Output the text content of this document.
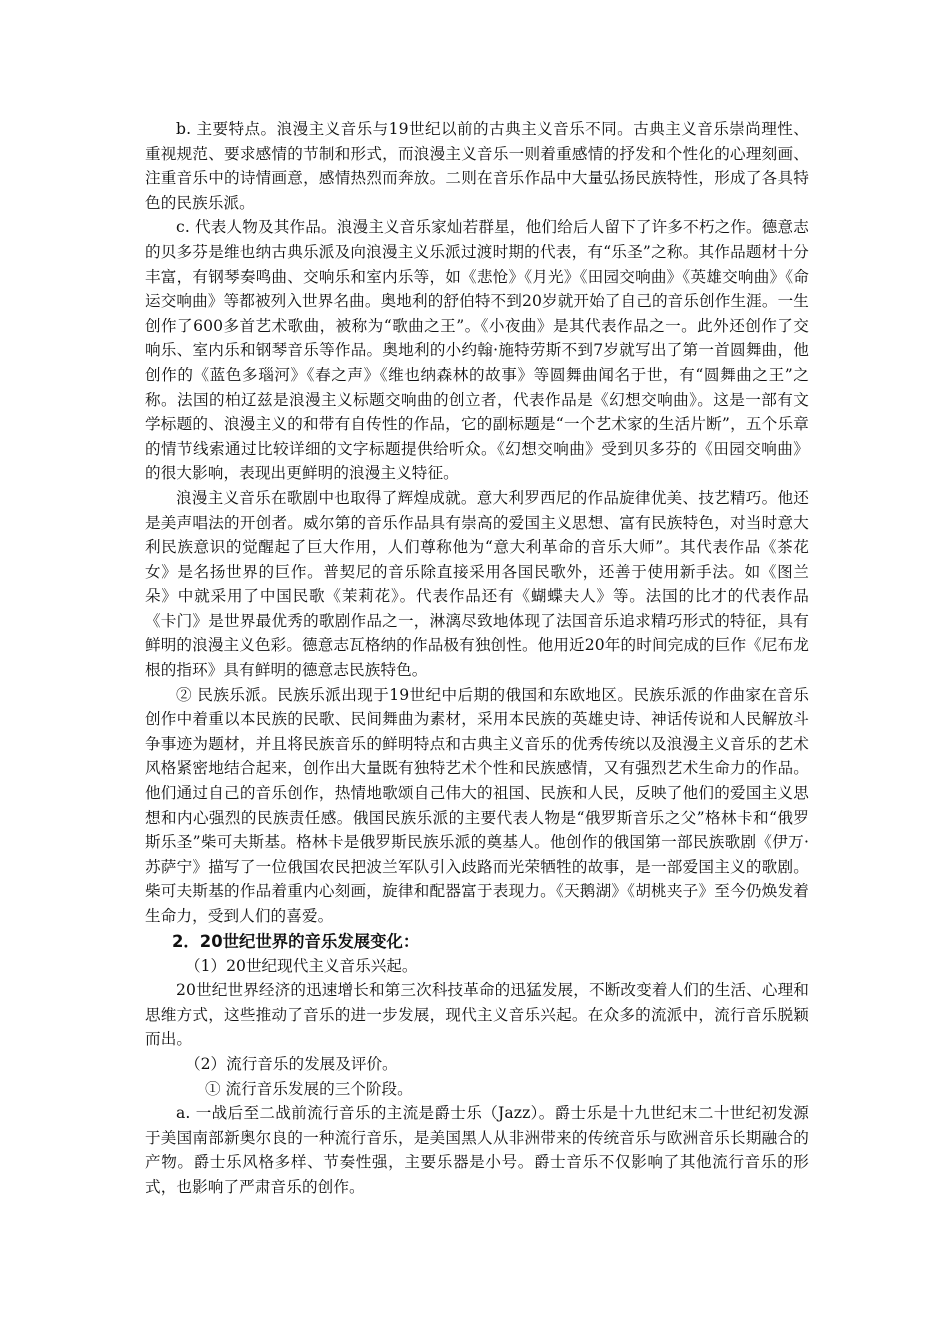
b. 主要特点。浪漫主义音乐与19世纪以前的古典主义音乐不同。古典主义音乐崇尚理性、重视规范、要求感情的节制和形式，而浪漫主义音乐一则着重感情的抒发和个性化的心理刻画、注重音乐中的诗情画意，感情热烈而奔放。二则在音乐作品中大量弘扬民族特性，形成了各具特色的民族乐派。

c. 代表人物及其作品。浪漫主义音乐家灿若群星，他们给后人留下了许多不朽之作。德意志的贝多芬是维也纳古典乐派及向浪漫主义乐派过渡时期的代表，有“乐圣”之称。其作品题材十分丰富，有钢琴奏鸣曲、交响乐和室内乐等，如《悲怆》《月光》《田园交响曲》《英雄交响曲》《命运交响曲》等都被列入世界名曲。奥地利的舒伯特不到20岁就开始了自己的音乐创作生涯。一生创作了600多首艺术歌曲，被称为“歌曲之王”。《小夜曲》是其代表作品之一。此外还创作了交响乐、室内乐和钢琴音乐等作品。奥地利的小约翰·施特劳斯不到7岁就写出了第一首圆舞曲，他创作的《蓝色多瑙河》《春之声》《维也纳森林的故事》等圆舞曲闻名于世，有“圆舞曲之王”之称。法国的柏辽兹是浪漫主义标题交响曲的创立者，代表作品是《幻想交响曲》。这是一部有文学标题的、浪漫主义的和带有自传性的作品，它的副标题是“一个艺术家的生活片断”，五个乐章的情节线索通过比较详细的文字标题提供给听众。《幻想交响曲》受到贝多芬的《田园交响曲》的很大影响，表现出更鲜明的浪漫主义特征。

浪漫主义音乐在歌剧中也取得了辉煌成就。意大利罗西尼的作品旋律优美、技艺精巧。他还是美声唱法的开创者。威尔第的音乐作品具有崇高的爱国主义思想、富有民族特色，对当时意大利民族意识的觉醒起了巨大作用，人们尊称他为“意大利革命的音乐大师”。其代表作品《茶花女》是名扬世界的巨作。普契尼的音乐除直接采用各国民歌外，还善于使用新手法。如《图兰朵》中就采用了中国民歌《茉莉花》。代表作品还有《蝴蝶夫人》等。法国的比才的代表作品《卡门》是世界最优秀的歌剧作品之一，淋漓尽致地体现了法国音乐追求精巧形式的特征，具有鲜明的浪漫主义色彩。德意志瓦格纳的作品极有独创性。他用近20年的时间完成的巨作《尼布龙根的指环》具有鲜明的德意志民族特色。

② 民族乐派。民族乐派出现于19世纪中后期的俄国和东欧地区。民族乐派的作曲家在音乐创作中着重以本民族的民歌、民间舞曲为素材，采用本民族的英雄史诗、神话传说和人民解放斗争事迹为题材，并且将民族音乐的鲜明特点和古典主义音乐的优秀传统以及浪漫主义音乐的艺术风格紧密地结合起来，创作出大量既有独特艺术个性和民族感情，又有强烈艺术生命力的作品。他们通过自己的音乐创作，热情地歌颂自己伟大的祖国、民族和人民，反映了他们的爱国主义思想和内心强烈的民族责任感。俄国民族乐派的主要代表人物是“俄罗斯音乐之父”格林卡和“俄罗斯乐圣”柴可夫斯基。格林卡是俄罗斯民族乐派的奠基人。他创作的俄国第一部民族歌剧《伊万·苏萨宁》描写了一位俄国农民把波兰军队引入歧路而光荣牺牲的故事，是一部爱国主义的歌剧。柴可夫斯基的作品着重内心刻画，旋律和配器富于表现力。《天鹅湖》《胡桃夹子》至今仍焕发着生命力，受到人们的喜爱。

2．20世纪世界的音乐发展变化：

（1）20世纪现代主义音乐兴起。

20世纪世界经济的迅速增长和第三次科技革命的迅猛发展，不断改变着人们的生活、心理和思维方式，这些推动了音乐的进一步发展，现代主义音乐兴起。在众多的流派中，流行音乐脱颖而出。

（2）流行音乐的发展及评价。

① 流行音乐发展的三个阶段。

a. 一战后至二战前流行音乐的主流是爵士乐（Jazz）。爵士乐是十九世纪末二十世纪初发源于美国南部新奥尔良的一种流行音乐，是美国黑人从非洲带来的传统音乐与欧洲音乐长期融合的产物。爵士乐风格多样、节奏性强，主要乐器是小号。爵士音乐不仅影响了其他流行音乐的形式，也影响了严肃音乐的创作。
